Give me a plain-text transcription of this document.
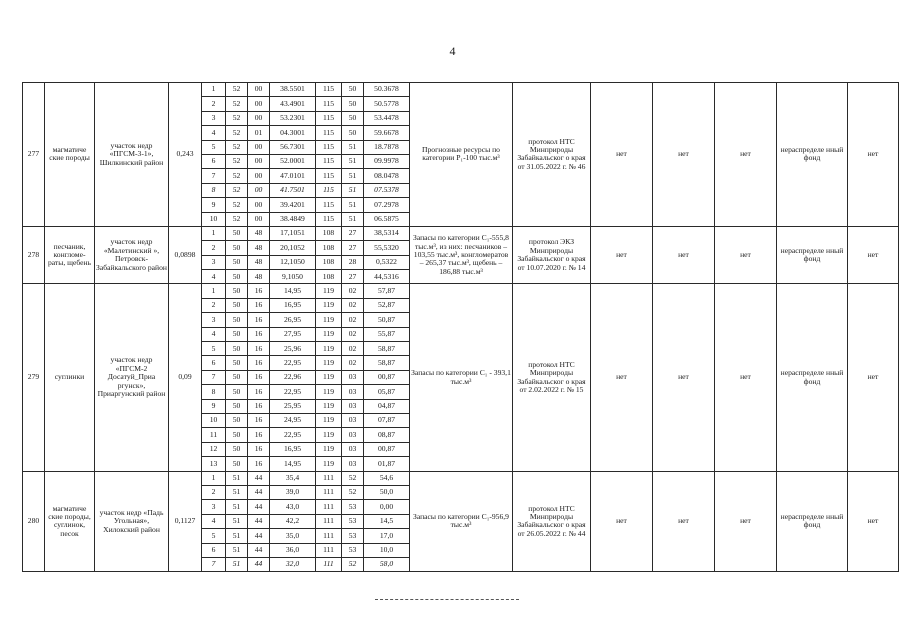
4
277	магматиче ские породы	участок недр «ПГСМ-3-1», Шилкинский район	0,243	1	52	00	38.5501	115	50	50.3678	Прогнозные ресурсы по категории P₁-100 тыс.м³	протокол НТС Минприроды Забайкальског о края от 31.05.2022 г. № 46	нет	нет	нет	нераспределе нный фонд	нет
				2	52	00	43.4901	115	50	50.5778							
				3	52	00	53.2301	115	50	53.4478							
				4	52	01	04.3001	115	50	59.6678							
				5	52	00	56.7301	115	51	18.7878							
				6	52	00	52.0001	115	51	09.9978							
				7	52	00	47.0101	115	51	08.0478							
				8	52	00	41.7501	115	51	07.5378							
				9	52	00	39.4201	115	51	07.2978							
				10	52	00	38.4849	115	51	06.5875							
278	песчаник, конгломе- раты, щебень	участок недр «Малетинский », Петровск- Забайкальского район	0,0898	1	50	48	17,1051	108	27	38,5314	Запасы по категории C₁-555,8 тыс.м³, из них: песчаников – 103,55 тыс.м³, конгломератов – 265,37 тыс.м³, щебень – 186,88 тыс.м³	протокол ЭКЗ Минприроды Забайкальског о края от 10.07.2020 г. № 14	нет	нет	нет	нераспределе нный фонд	нет
				2	50	48	20,1052	108	27	55,5320							
				3	50	48	12,1050	108	28	0,5322							
				4	50	48	9,1050	108	27	44,5316							
279	суглинки	участок недр «ПГСМ-2 Досатуй_Приа ргунск», Приаргунский район	0,09	1	50	16	14,95	119	02	57,87	Запасы по категории C₁ - 393,1 тыс.м³	протокол НТС Минприроды Забайкальског о края от 2.02.2022 г. № 15	нет	нет	нет	нераспределе нный фонд	нет
				2	50	16	16,95	119	02	52,87							
				3	50	16	26,95	119	02	50,87							
				4	50	16	27,95	119	02	55,87							
				5	50	16	25,96	119	02	58,87							
				6	50	16	22,95	119	02	58,87							
				7	50	16	22,96	119	03	00,87							
				8	50	16	22,95	119	03	05,87							
				9	50	16	25,95	119	03	04,87							
				10	50	16	24,95	119	03	07,87							
				11	50	16	22,95	119	03	08,87							
				12	50	16	16,95	119	03	00,87							
				13	50	16	14,95	119	03	01,87							
280	магматиче ские породы, суглинок, песок	участок недр «Падь Угольная», Хилокский район	0,1127	1	51	44	35,4	111	52	54,6	Запасы по категории C₁-956,9 тыс.м³	протокол НТС Минприроды Забайкальског о края от 26.05.2022 г. № 44	нет	нет	нет	нераспределе нный фонд	нет
				2	51	44	39,0	111	52	50,0							
				3	51	44	43,0	111	53	0,00							
				4	51	44	42,2	111	53	14,5							
				5	51	44	35,0	111	53	17,0							
				6	51	44	36,0	111	53	10,0							
				7	51	44	32,0	111	52	58,0							
